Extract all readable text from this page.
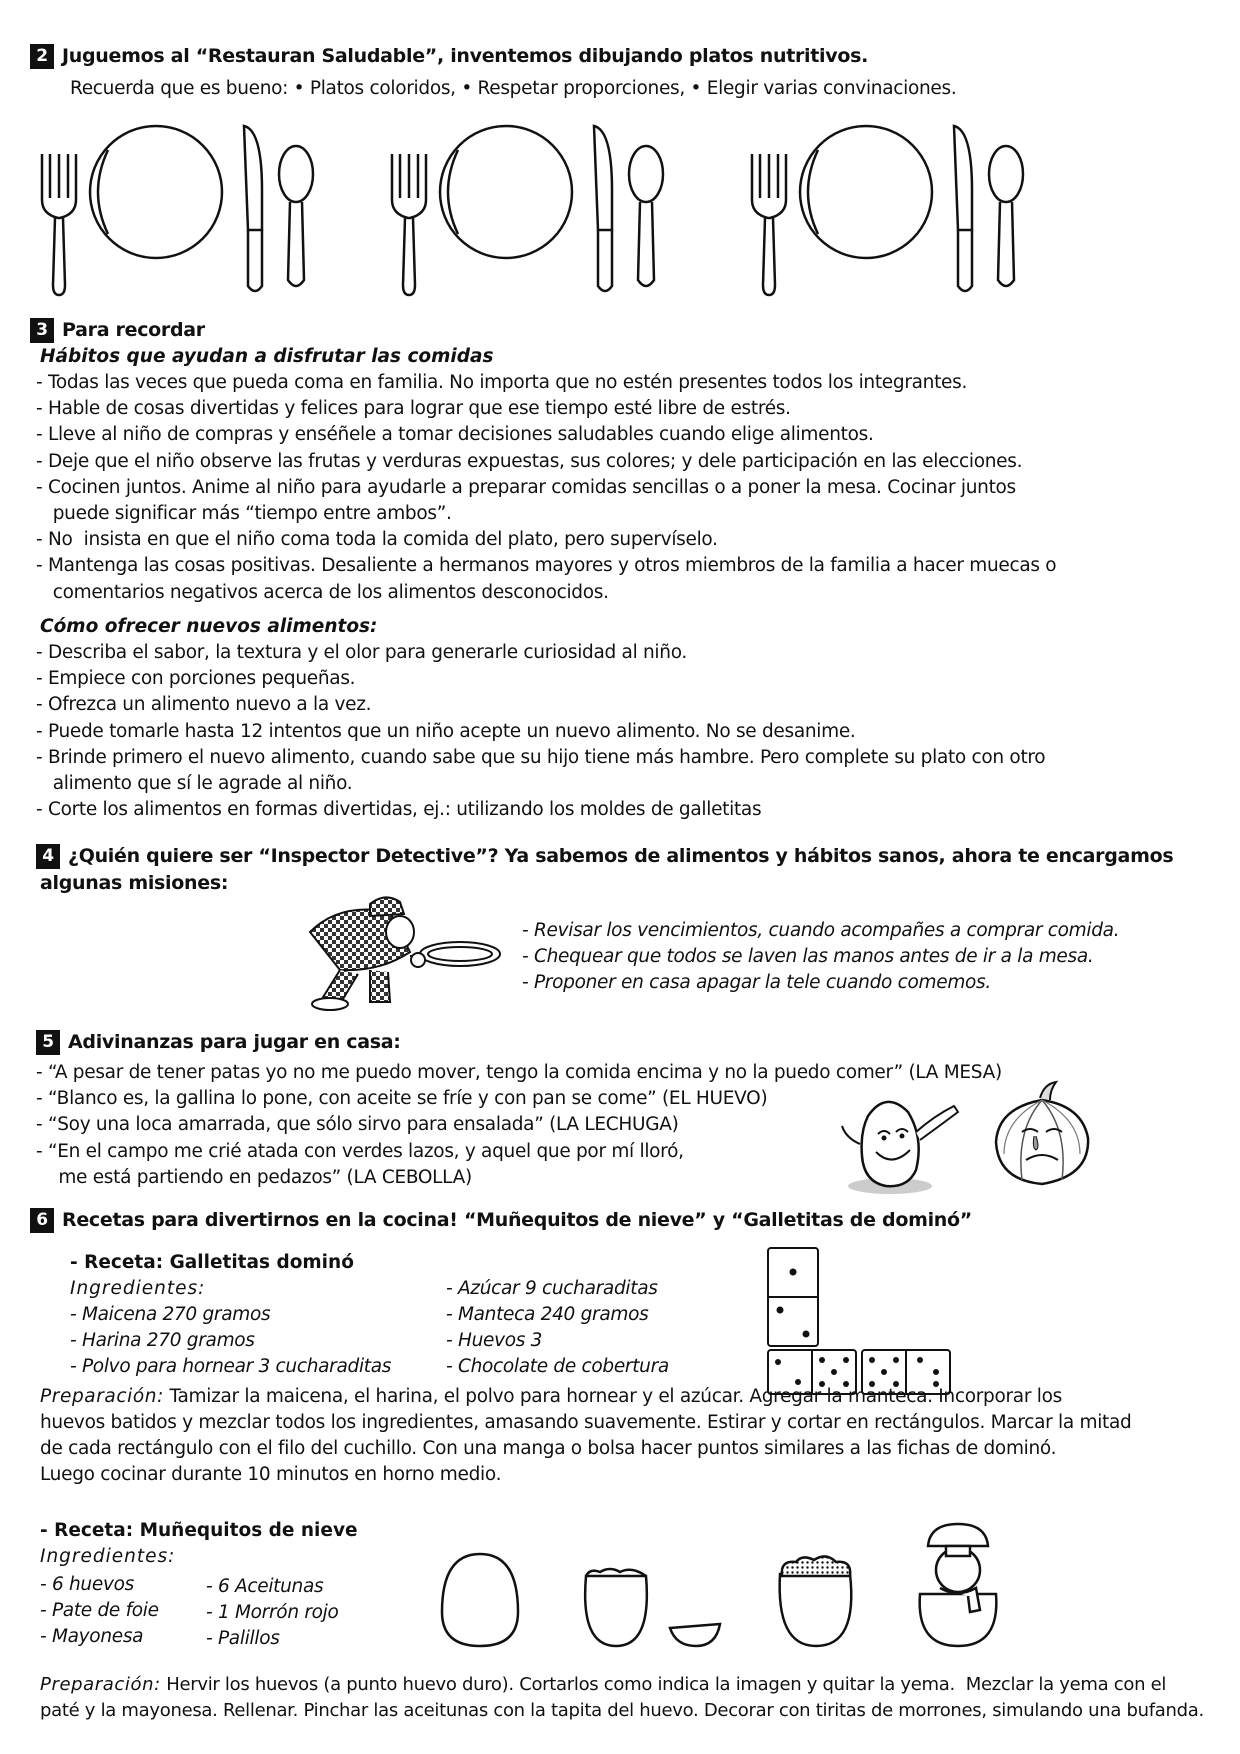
2 Juguemos al “Restauran Saludable”, inventemos dibujando platos nutritivos.
Recuerda que es bueno: • Platos coloridos, • Respetar proporciones, • Elegir varias convinaciones.
3 Para recordar
Hábitos que ayudan a disfrutar las comidas
- Todas las veces que pueda coma en familia. No importa que no estén presentes todos los integrantes.
- Hable de cosas divertidas y felices para lograr que ese tiempo esté libre de estrés.
- Lleve al niño de compras y enséñele a tomar decisiones saludables cuando elige alimentos.
- Deje que el niño observe las frutas y verduras expuestas, sus colores; y dele participación en las elecciones.
- Cocinen juntos. Anime al niño para ayudarle a preparar comidas sencillas o a poner la mesa. Cocinar juntos
puede significar más “tiempo entre ambos”.
- No  insista en que el niño coma toda la comida del plato, pero supervíselo.
- Mantenga las cosas positivas. Desaliente a hermanos mayores y otros miembros de la familia a hacer muecas o
comentarios negativos acerca de los alimentos desconocidos.
Cómo ofrecer nuevos alimentos:
- Describa el sabor, la textura y el olor para generarle curiosidad al niño.
- Empiece con porciones pequeñas.
- Ofrezca un alimento nuevo a la vez.
- Puede tomarle hasta 12 intentos que un niño acepte un nuevo alimento. No se desanime.
- Brinde primero el nuevo alimento, cuando sabe que su hijo tiene más hambre. Pero complete su plato con otro
alimento que sí le agrade al niño.
- Corte los alimentos en formas divertidas, ej.: utilizando los moldes de galletitas
4 ¿Quién quiere ser “Inspector Detective”? Ya sabemos de alimentos y hábitos sanos, ahora te encargamos
algunas misiones:
- Revisar los vencimientos, cuando acompañes a comprar comida.
- Chequear que todos se laven las manos antes de ir a la mesa.
- Proponer en casa apagar la tele cuando comemos.
5 Adivinanzas para jugar en casa:
- “A pesar de tener patas yo no me puedo mover, tengo la comida encima y no la puedo comer” (LA MESA)
- “Blanco es, la gallina lo pone, con aceite se fríe y con pan se come” (EL HUEVO)
- “Soy una loca amarrada, que sólo sirvo para ensalada” (LA LECHUGA)
- “En el campo me crié atada con verdes lazos, y aquel que por mí lloró,
me está partiendo en pedazos” (LA CEBOLLA)
6 Recetas para divertirnos en la cocina! “Muñequitos de nieve” y “Galletitas de dominó”
- Receta: Galletitas dominó
Ingredientes:
- Maicena 270 gramos
- Harina 270 gramos
- Polvo para hornear 3 cucharaditas
- Azúcar 9 cucharaditas
- Manteca 240 gramos
- Huevos 3
- Chocolate de cobertura
Preparación: Tamizar la maicena, el harina, el polvo para hornear y el azúcar. Agregar la manteca. Incorporar los
huevos batidos y mezclar todos los ingredientes, amasando suavemente. Estirar y cortar en rectángulos. Marcar la mitad
de cada rectángulo con el filo del cuchillo. Con una manga o bolsa hacer puntos similares a las fichas de dominó.
Luego cocinar durante 10 minutos en horno medio.
- Receta: Muñequitos de nieve
Ingredientes:
- 6 huevos
- Pate de foie
- Mayonesa
- 6 Aceitunas
- 1 Morrón rojo
- Palillos
Preparación: Hervir los huevos (a punto huevo duro). Cortarlos como indica la imagen y quitar la yema.  Mezclar la yema con el
paté y la mayonesa. Rellenar. Pinchar las aceitunas con la tapita del huevo. Decorar con tiritas de morrones, simulando una bufanda.
